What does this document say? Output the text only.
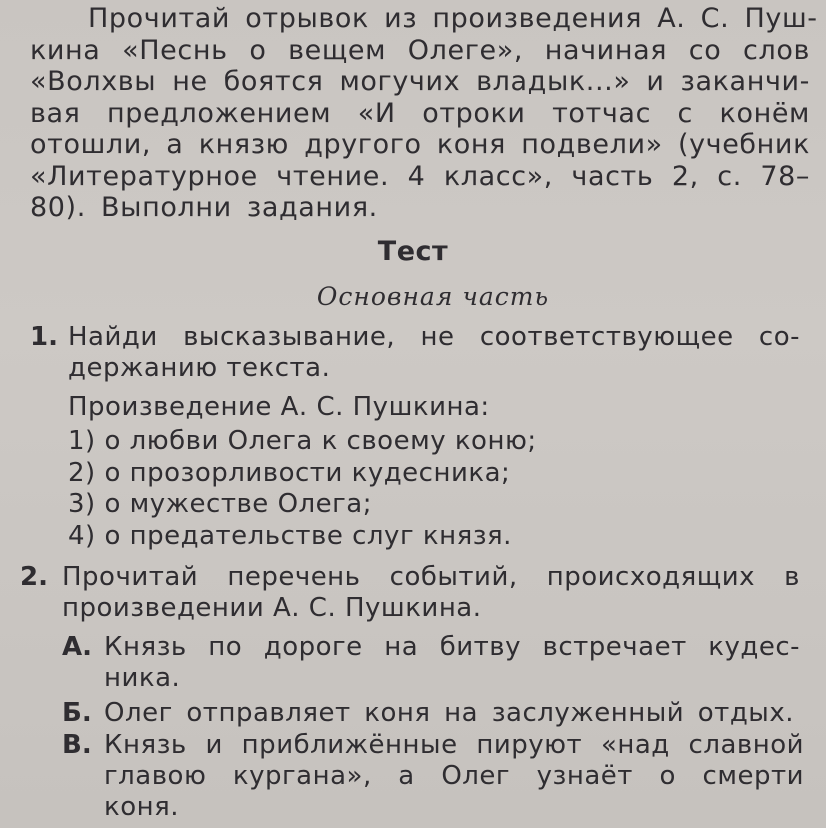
Прочитай отрывок из произведения А. С. Пуш-
кина «Песнь о вещем Олеге», начиная со слов
«Волхвы не боятся могучих владык...» и заканчи-
вая предложением «И отроки тотчас с конём
отошли, а князю другого коня подвели» (учебник
«Литературное чтение. 4 класс», часть 2, с. 78–
80). Выполни задания.
Тест
Основная часть
1. Найди высказывание, не соответствующее со-
держанию текста.
Произведение А. С. Пушкина:
1) о любви Олега к своему коню;
2) о прозорливости кудесника;
3) о мужестве Олега;
4) о предательстве слуг князя.
2. Прочитай перечень событий, происходящих в
произведении А. С. Пушкина.
А. Князь по дороге на битву встречает кудес-
ника.
Б. Олег отправляет коня на заслуженный отдых.
В. Князь и приближённые пируют «над славной
главою кургана», а Олег узнаёт о смерти
коня.
